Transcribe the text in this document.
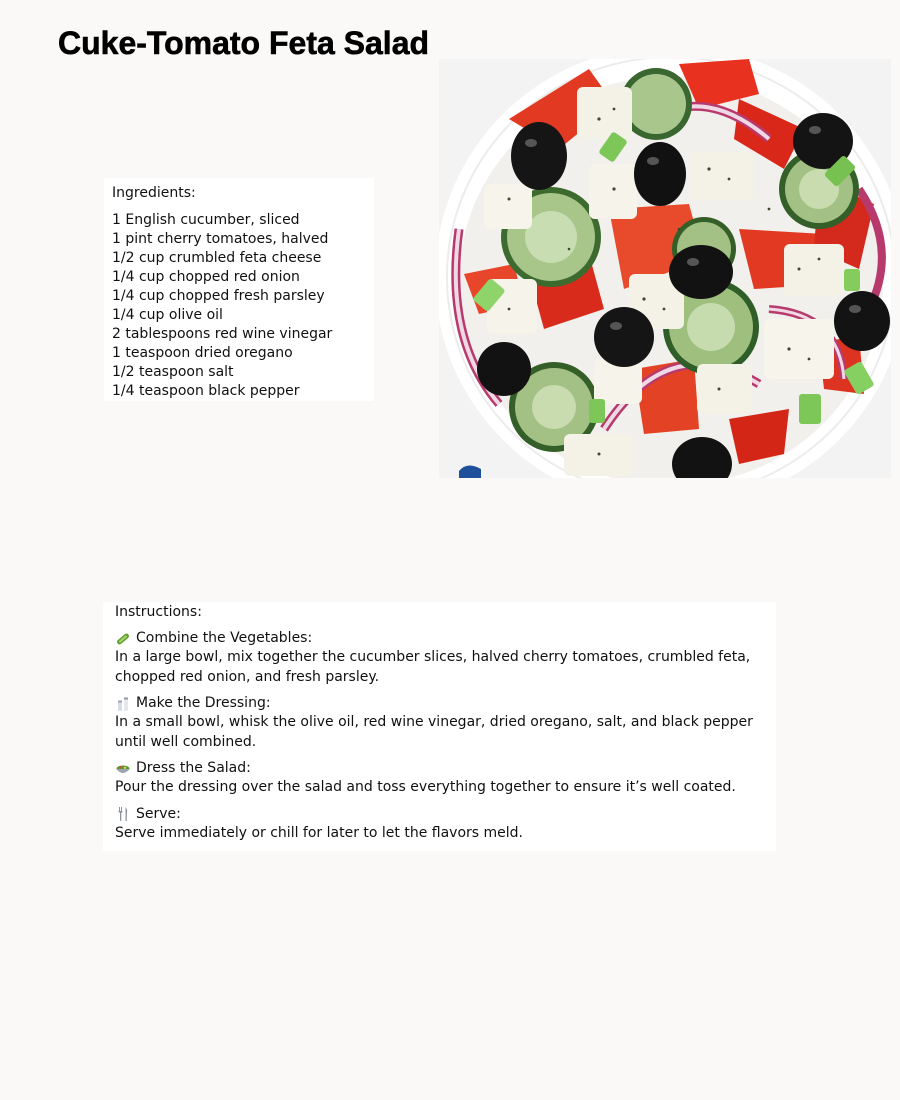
Cuke-Tomato Feta Salad
Ingredients:
1 English cucumber, sliced
1 pint cherry tomatoes, halved
1/2 cup crumbled feta cheese
1/4 cup chopped red onion
1/4 cup chopped fresh parsley
1/4 cup olive oil
2 tablespoons red wine vinegar
1 teaspoon dried oregano
1/2 teaspoon salt
1/4 teaspoon black pepper
Instructions:
Combine the Vegetables:
In a large bowl, mix together the cucumber slices, halved cherry tomatoes, crumbled feta, chopped red onion, and fresh parsley.
Make the Dressing:
In a small bowl, whisk the olive oil, red wine vinegar, dried oregano, salt, and black pepper until well combined.
Dress the Salad:
Pour the dressing over the salad and toss everything together to ensure it’s well coated.
Serve:
Serve immediately or chill for later to let the flavors meld.
